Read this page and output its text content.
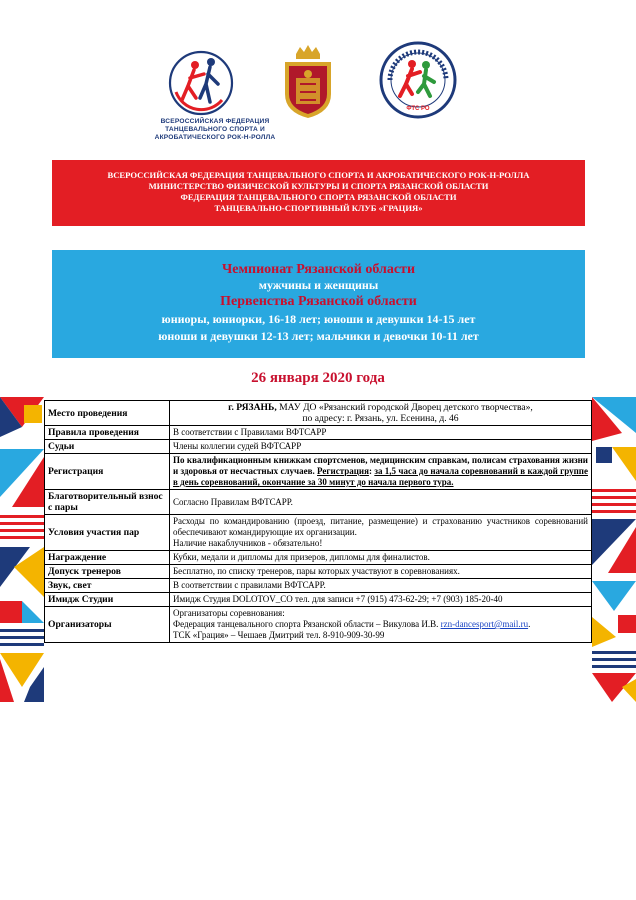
ВСЕРОССИЙСКАЯ ФЕДЕРАЦИЯ
ТАНЦЕВАЛЬНОГО СПОРТА И
АКРОБАТИЧЕСКОГО РОК-Н-РОЛЛА
ФТС РО
ВСЕРОССИЙСКАЯ ФЕДЕРАЦИЯ ТАНЦЕВАЛЬНОГО СПОРТА И АКРОБАТИЧЕСКОГО РОК-Н-РОЛЛА
МИНИСТЕРСТВО ФИЗИЧЕСКОЙ КУЛЬТУРЫ И СПОРТА РЯЗАНСКОЙ ОБЛАСТИ
ФЕДЕРАЦИЯ ТАНЦЕВАЛЬНОГО СПОРТА РЯЗАНСКОЙ ОБЛАСТИ
ТАНЦЕВАЛЬНО-СПОРТИВНЫЙ КЛУБ «ГРАЦИЯ»
Чемпионат Рязанской области
мужчины и женщины
Первенства Рязанской области
юниоры, юниорки, 16-18 лет; юноши и девушки 14-15 лет
юноши и девушки 12-13 лет; мальчики и девочки 10-11 лет
26 января 2020 года
Место проведения	г. РЯЗАНЬ, МАУ ДО «Рязанский городской Дворец детского творчества»,
по адресу: г. Рязань, ул. Есенина, д. 46
Правила проведения	В соответствии с Правилами ВФТСАРР
Судьи	Члены коллегии судей ВФТСАРР
Регистрация	По квалификационным книжкам спортсменов, медицинским справкам, полисам страхования жизни и здоровья от несчастных случаев. Регистрация: за 1,5 часа до начала соревнований в каждой группе в день соревнований, окончание за 30 минут до начала первого тура.
Благотворительный взнос с пары	Согласно Правилам ВФТСАРР.
Условия участия пар	Расходы по командированию (проезд, питание, размещение) и страхованию участников соревнований обеспечивают командирующие их организации.
Наличие накаблучников - обязательно!
Награждение	Кубки, медали и дипломы для призеров, дипломы для финалистов.
Допуск тренеров	Бесплатно, по списку тренеров, пары которых участвуют в соревнованиях.
Звук, свет	В соответствии с правилами ВФТСАРР.
Имидж Студии	Имидж Студия DOLOTOV_CO тел. для записи +7 (915) 473-62-29; +7 (903) 185-20-40
Организаторы	Организаторы соревнования:
Федерация танцевального спорта Рязанской области – Викулова И.В. rzn-dancesport@mail.ru.
ТСК «Грация» – Чешаев Дмитрий тел. 8-910-909-30-99
